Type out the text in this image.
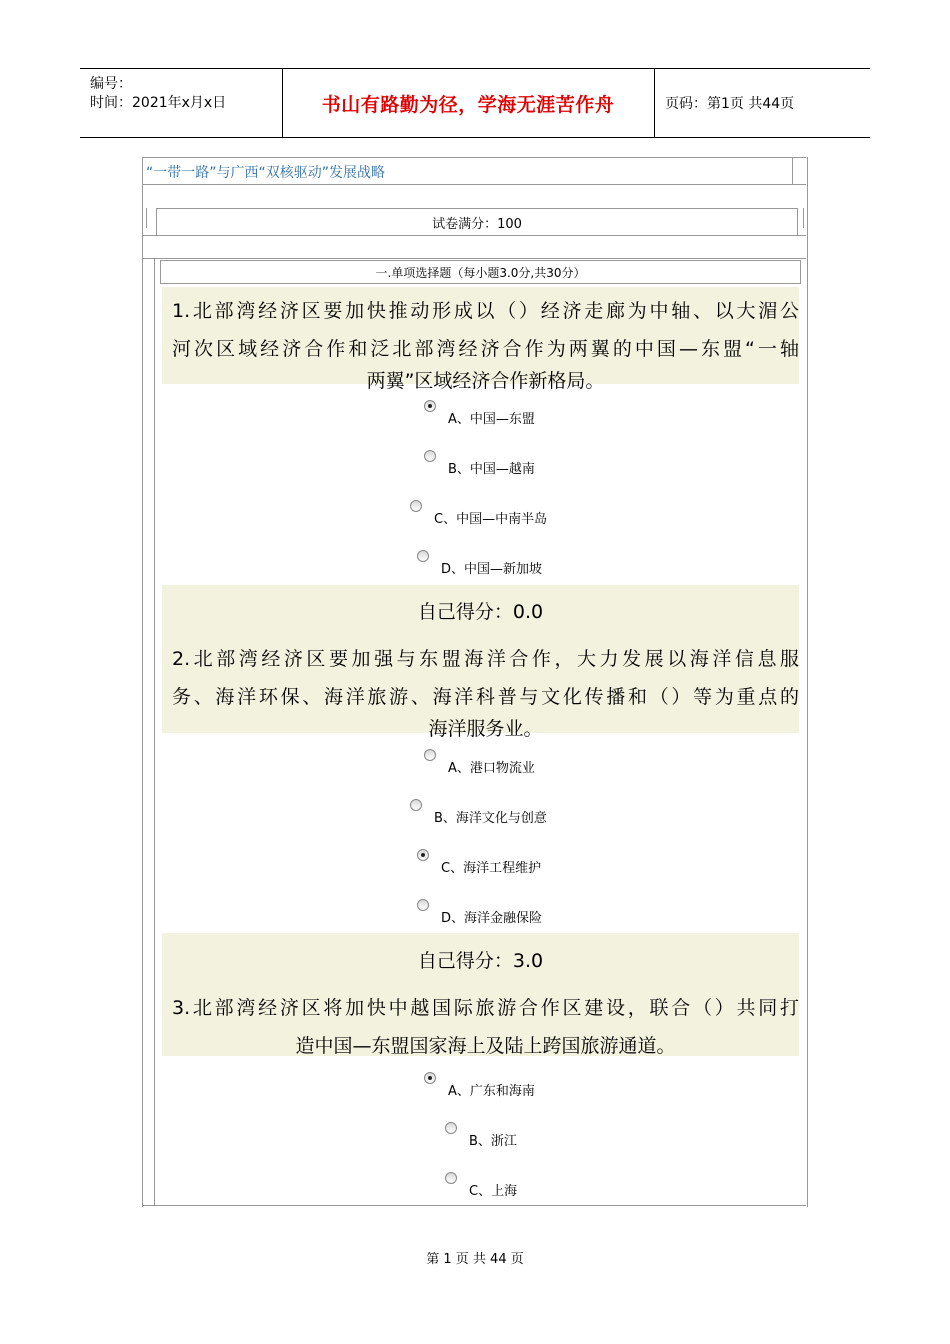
编号：
时间：2021年x月x日	书山有路勤为径，学海无涯苦作舟	页码：第1页 共44页
“一带一路”与广西“双核驱动”发展战略
试卷满分：100
一.单项选择题（每小题3.0分,共30分）
1.北部湾经济区要加快推动形成以（）经济走廊为中轴、以大湄公
河次区域经济合作和泛北部湾经济合作为两翼的中国—东盟“一轴
两翼”区域经济合作新格局。
A、中国—东盟
B、中国—越南
C、中国—中南半岛
D、中国—新加坡
自己得分：0.0
2.北部湾经济区要加强与东盟海洋合作，大力发展以海洋信息服
务、海洋环保、海洋旅游、海洋科普与文化传播和（）等为重点的
海洋服务业。
A、港口物流业
B、海洋文化与创意
C、海洋工程维护
D、海洋金融保险
自己得分：3.0
3.北部湾经济区将加快中越国际旅游合作区建设，联合（）共同打
造中国—东盟国家海上及陆上跨国旅游通道。
A、广东和海南
B、浙江
C、上海
第 1 页 共 44 页
